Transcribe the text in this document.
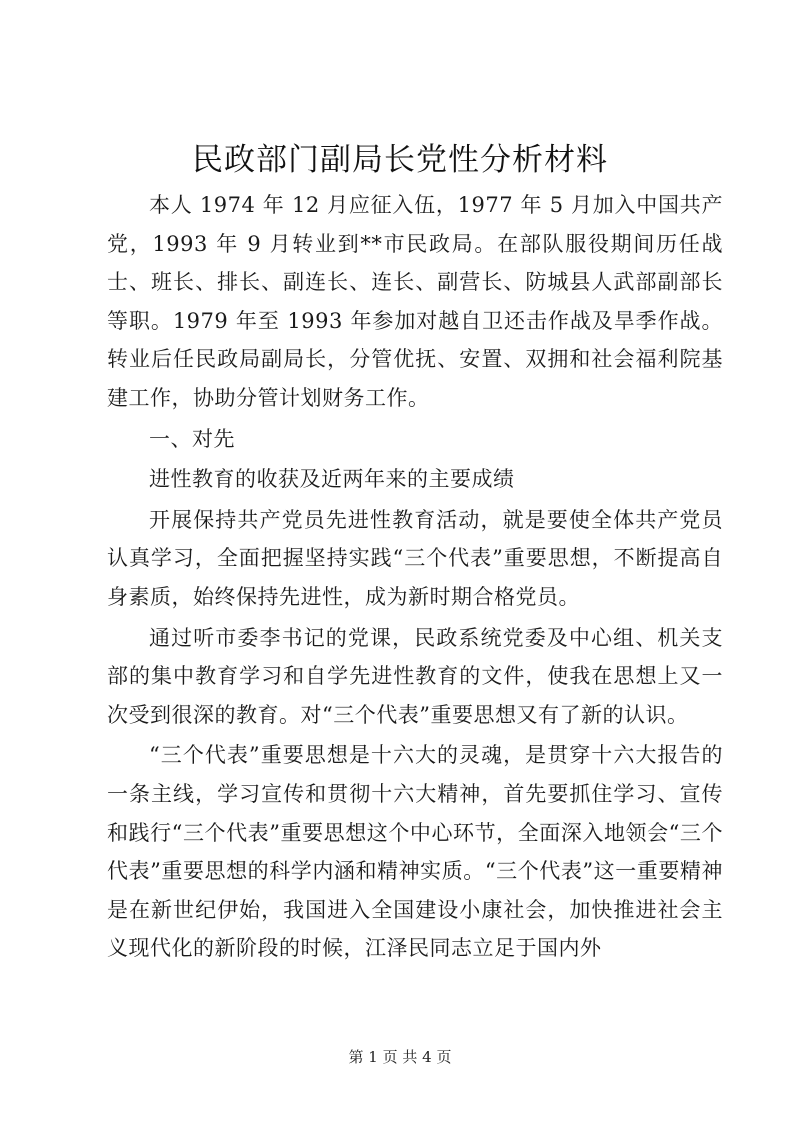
民政部门副局长党性分析材料

本人 1974 年 12 月应征入伍，1977 年 5 月加入中国共产党，1993 年 9 月转业到**市民政局。在部队服役期间历任战士、班长、排长、副连长、连长、副营长、防城县人武部副部长等职。1979 年至 1993 年参加对越自卫还击作战及旱季作战。转业后任民政局副局长，分管优抚、安置、双拥和社会福利院基建工作，协助分管计划财务工作。

一、对先

进性教育的收获及近两年来的主要成绩

开展保持共产党员先进性教育活动，就是要使全体共产党员认真学习，全面把握坚持实践“三个代表”重要思想，不断提高自身素质，始终保持先进性，成为新时期合格党员。

通过听市委李书记的党课，民政系统党委及中心组、机关支部的集中教育学习和自学先进性教育的文件，使我在思想上又一次受到很深的教育。对“三个代表”重要思想又有了新的认识。

“三个代表”重要思想是十六大的灵魂，是贯穿十六大报告的一条主线，学习宣传和贯彻十六大精神，首先要抓住学习、宣传和践行“三个代表”重要思想这个中心环节，全面深入地领会“三个代表”重要思想的科学内涵和精神实质。“三个代表”这一重要精神是在新世纪伊始，我国进入全国建设小康社会，加快推进社会主义现代化的新阶段的时候，江泽民同志立足于国内外

第 1 页 共 4 页
